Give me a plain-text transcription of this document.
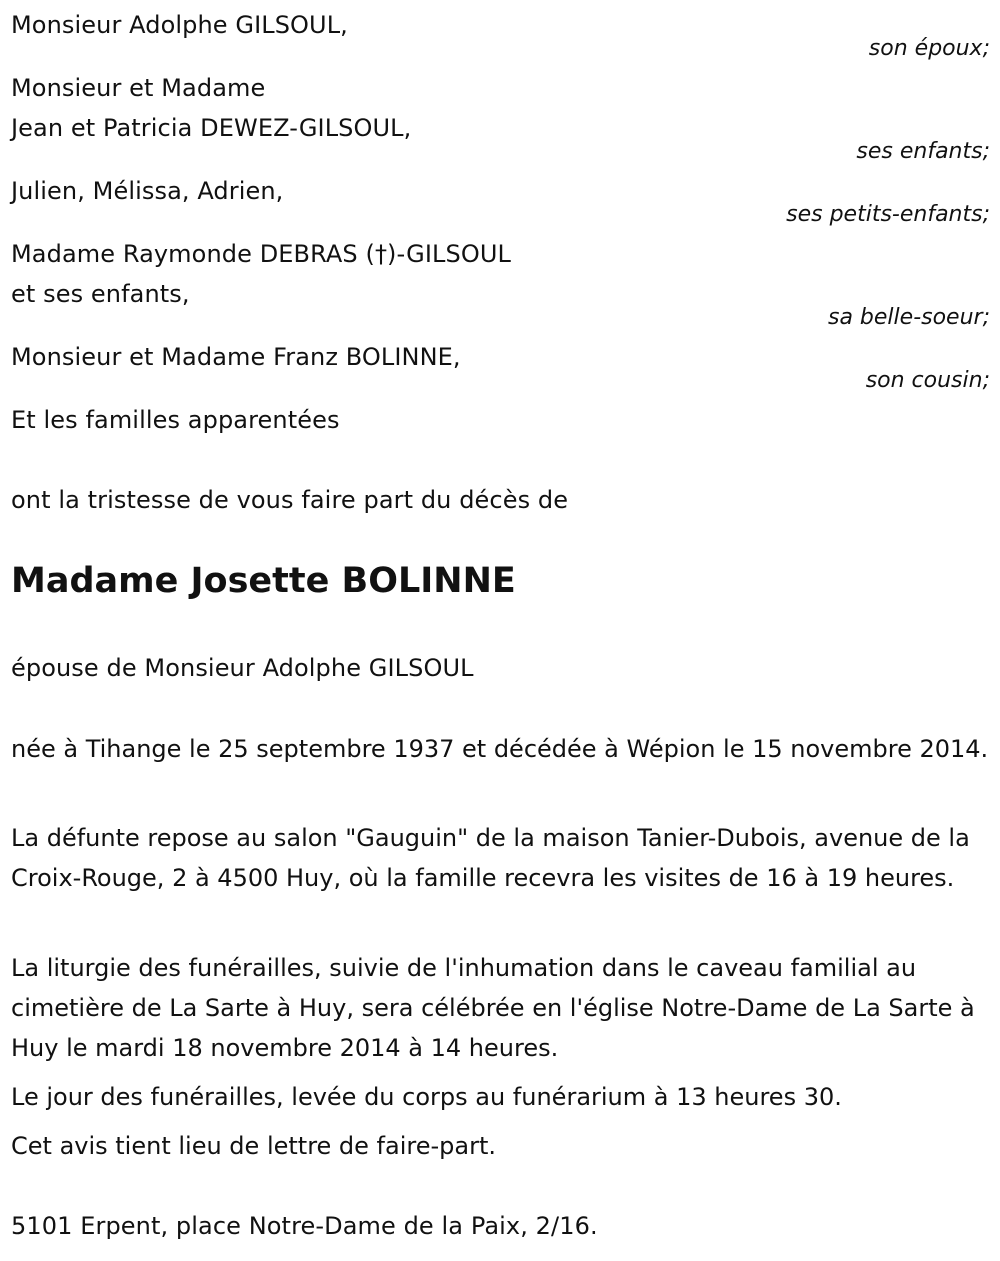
Monsieur Adolphe GILSOUL,
son époux;
Monsieur et Madame
Jean et Patricia DEWEZ-GILSOUL,
ses enfants;
Julien, Mélissa, Adrien,
ses petits-enfants;
Madame Raymonde DEBRAS (†)-GILSOUL
et ses enfants,
sa belle-soeur;
Monsieur et Madame Franz BOLINNE,
son cousin;
Et les familles apparentées
ont la tristesse de vous faire part du décès de
Madame Josette BOLINNE
épouse de Monsieur Adolphe GILSOUL
née à Tihange le 25 septembre 1937 et décédée à Wépion le 15 novembre 2014.
La défunte repose au salon "Gauguin" de la maison Tanier-Dubois, avenue de la Croix-Rouge, 2 à 4500 Huy, où la famille recevra les visites de 16 à 19 heures.
La liturgie des funérailles, suivie de l'inhumation dans le caveau familial au cimetière de La Sarte à Huy, sera célébrée en l'église Notre-Dame de La Sarte à Huy le mardi 18 novembre 2014 à 14 heures.
Le jour des funérailles, levée du corps au funérarium à 13 heures 30.
Cet avis tient lieu de lettre de faire-part.
5101 Erpent, place Notre-Dame de la Paix, 2/16.
